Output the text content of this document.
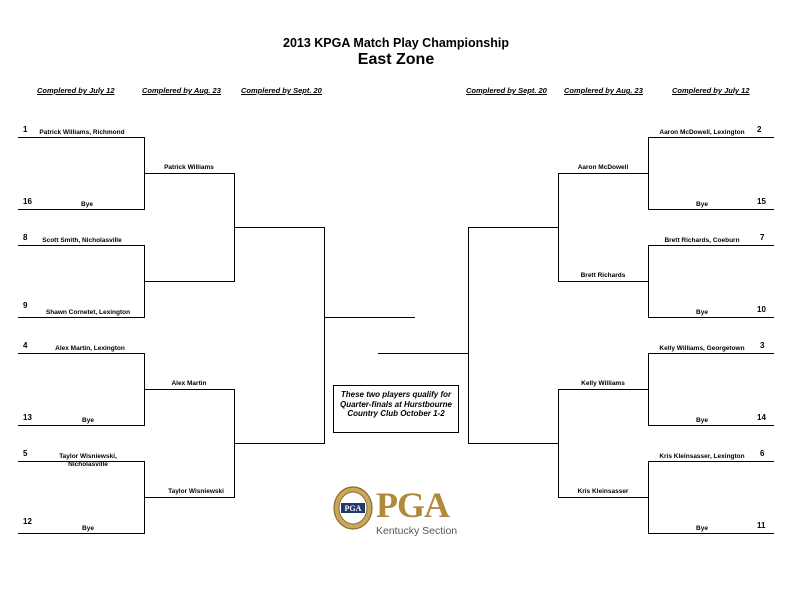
2013 KPGA Match Play Championship
East Zone
Complered by July 12	Complered by Aug. 23	Complered by Sept. 20	Complered by Sept. 20 Complered by Aug. 23	Complered by July 12
1
16
8
9
4
13
5
12
Patrick Williams, Richmond
Bye
Scott Smith, Nicholasville
Shawn Cornetet, Lexington
Alex Martin, Lexington
Bye
Taylor Wisniewski, Nicholasville
Bye
Patrick Williams
Alex Martin
Taylor Wisniewski
2
15
7
10
3
14
6
11
Aaron McDowell, Lexington
Bye
Brett Richards, Coeburn
Bye
Kelly Williams, Georgetown
Bye
Kris Kleinsasser, Lexington
Bye
Aaron McDowell
Brett Richards
Kelly Williams
Kris Kleinsasser
These two players qualify for Quarter-finals at Hurstbourne Country Club October 1-2
PGA PGA
Kentucky Section
